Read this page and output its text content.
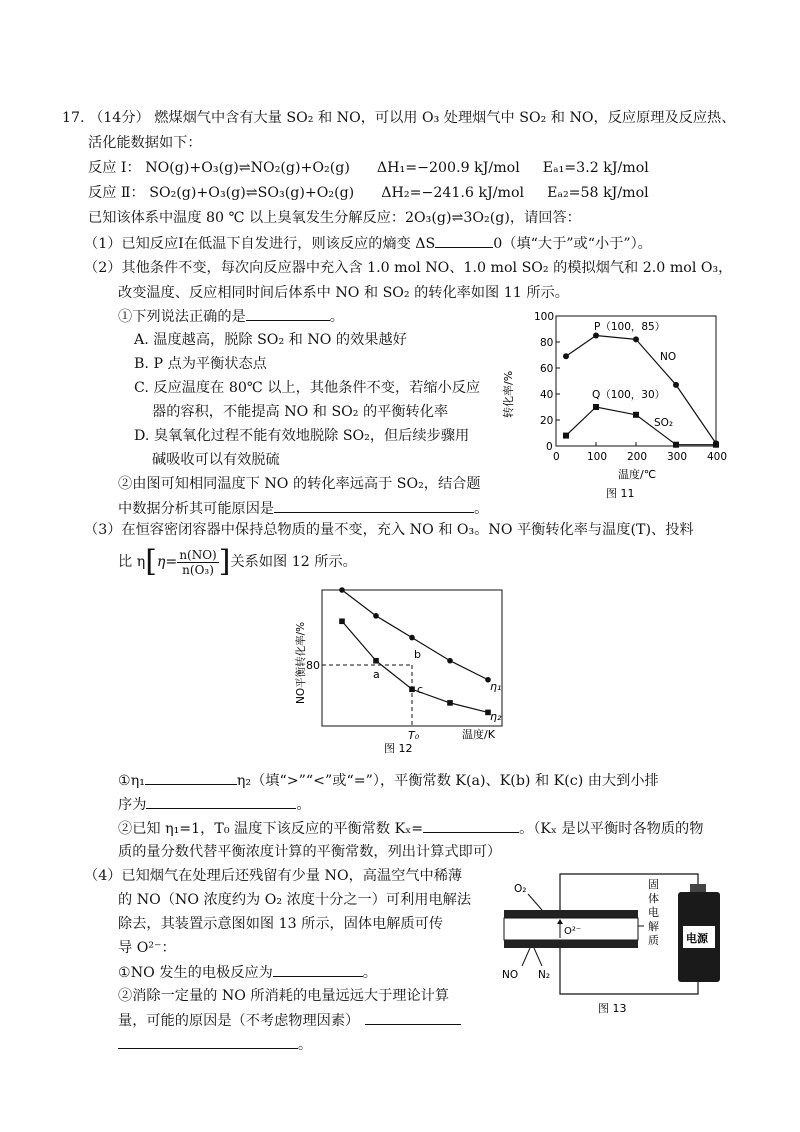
17. （14分） 燃煤烟气中含有大量 SO₂ 和 NO，可以用 O₃ 处理烟气中 SO₂ 和 NO，反应原理及反应热、
活化能数据如下：
反应 Ⅰ： NO(g)+O₃(g)⇌NO₂(g)+O₂(g) ΔH₁=−200.9 kJ/mol Eₐ₁=3.2 kJ/mol
反应 Ⅱ： SO₂(g)+O₃(g)⇌SO₃(g)+O₂(g) ΔH₂=−241.6 kJ/mol Eₐ₂=58 kJ/mol
已知该体系中温度 80 ℃ 以上臭氧发生分解反应：2O₃(g)⇌3O₂(g)，请回答：
（1）已知反应Ⅰ在低温下自发进行，则该反应的熵变 ΔS	0（填“大于”或“小于”）。
（2）其他条件不变，每次向反应器中充入含 1.0 mol NO、1.0 mol SO₂ 的模拟烟气和 2.0 mol O₃，
改变温度、反应相同时间后体系中 NO 和 SO₂ 的转化率如图 11 所示。
①下列说法正确的是	。
A. 温度越高，脱除 SO₂ 和 NO 的效果越好
B. P 点为平衡状态点
C. 反应温度在 80℃ 以上，其他条件不变，若缩小反应
器的容积，不能提高 NO 和 SO₂ 的平衡转化率
D. 臭氧氧化过程不能有效地脱除 SO₂，但后续步骤用
碱吸收可以有效脱硫
②由图可知相同温度下 NO 的转化率远高于 SO₂，结合题
中数据分析其可能原因是	。
（3）在恒容密闭容器中保持总物质的量不变，充入 NO 和 O₃。NO 平衡转化率与温度(T)、投料
比 $\eta[\eta= \frac{n(NO)}{\text{n(O₃)}}$ ]关系如图 12 所示。
①η₁	η₂（填“>”“<”或“=”），平衡常数 K(a)、K(b) 和 K(c) 由大到小排
序为	。
②已知 η₁=1，T₀ 温度下该反应的平衡常数 Kₓ=	。（Kₓ 是以平衡时各物质的物
质的量分数代替平衡浓度计算的平衡常数，列出计算式即可）
（4）已知烟气在处理后还残留有少量 NO，高温空气中稀薄
的 NO（NO 浓度约为 O₂ 浓度十分之一）可利用电解法
除去，其装置示意图如图 13 所示，固体电解质可传
导 O²⁻：
①NO 发生的电极反应为	。
②消除一定量的 NO 所消耗的电量远远大于理论计算
量，可能的原因是（不考虑物理因素）
。
0	100 200 300 400
0
20
40
60
80
100
转化率/%
温度/℃
图 11
P（100，85）
Q（100，30）
NO
SO₂
80
T₀
a
b
c	η₁
η₂
NO平衡转化率/%
温度/K
图 12
O²⁻
O₂
NO N₂
固
体
电
解
质 电源
图 13
